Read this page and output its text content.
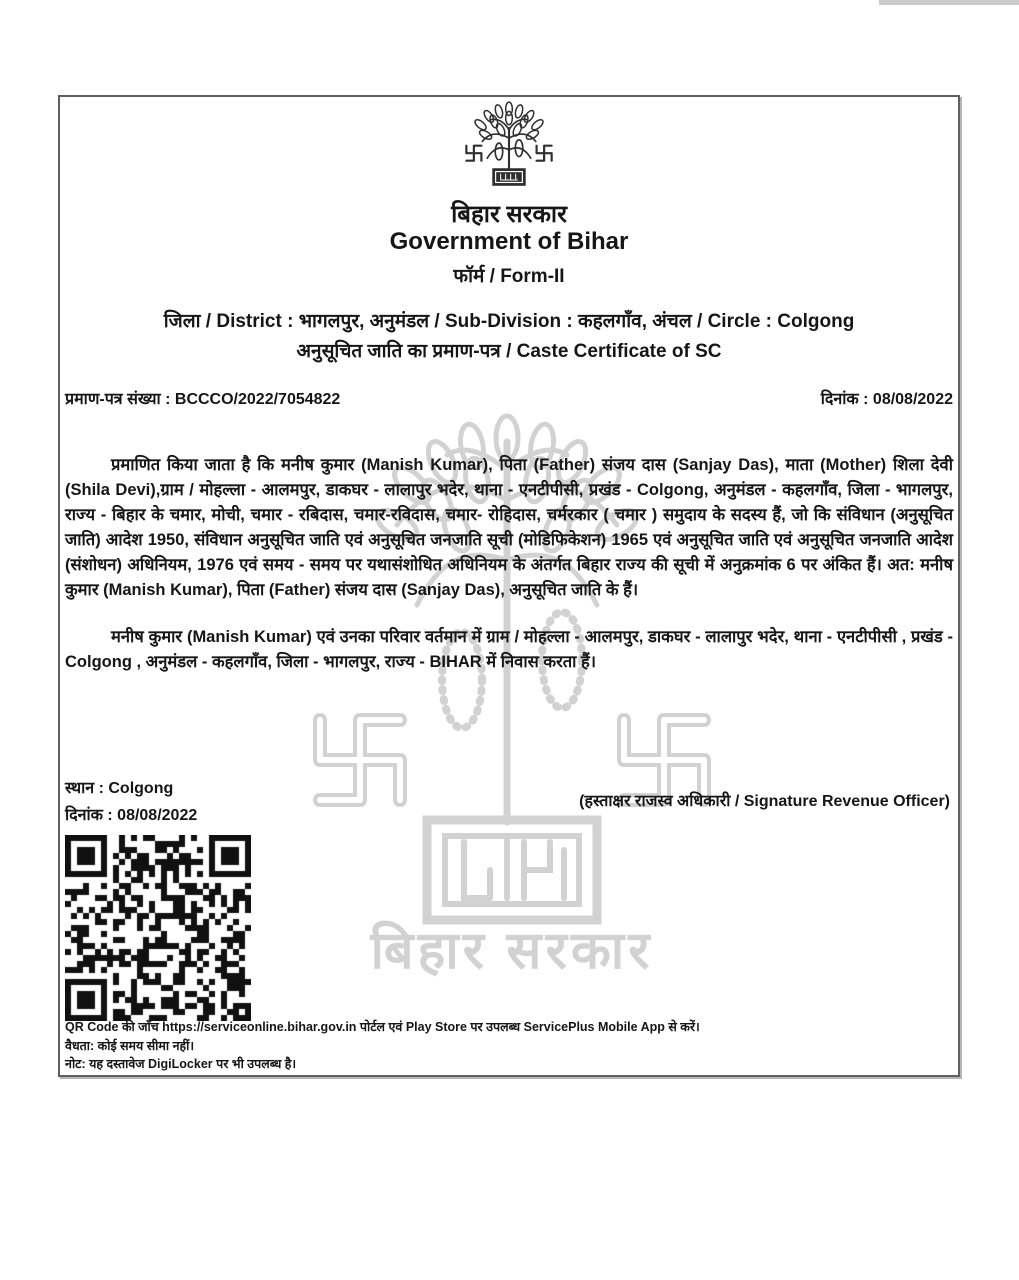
बिहार सरकार
बिहार सरकार
Government of Bihar
फॉर्म / Form-II
जिला / District : भागलपुर, अनुमंडल / Sub-Division : कहलगाँव, अंचल / Circle : Colgong
अनुसूचित जाति का प्रमाण-पत्र / Caste Certificate of SC
प्रमाण-पत्र संख्या : BCCCO/2022/7054822	दिनांक : 08/08/2022

प्रमाणित किया जाता है कि मनीष कुमार (Manish Kumar), पिता (Father) संजय दास (Sanjay Das), माता (Mother) शिला देवी (Shila Devi),ग्राम / मोहल्ला - आलमपुर, डाकघर - लालापुर भदेर, थाना - एनटीपीसी, प्रखंड - Colgong, अनुमंडल - कहलगाँव, जिला - भागलपुर, राज्य - बिहार के चमार, मोची, चमार - रबिदास, चमार-रविदास, चमार- रोहिदास, चर्मरकार ( चमार ) समुदाय के सदस्य हैं, जो कि संविधान (अनुसूचित जाति) आदेश 1950, संविधान अनुसूचित जाति एवं अनुसूचित जनजाति सूची (मोडिफिकेशन) 1965 एवं अनुसूचित जाति एवं अनुसूचित जनजाति आदेश (संशोधन) अधिनियम, 1976 एवं समय - समय पर यथासंशोधित अधिनियम के अंतर्गत बिहार राज्य की सूची में अनुक्रमांक 6 पर अंकित हैं। अत: मनीष कुमार (Manish Kumar), पिता (Father) संजय दास (Sanjay Das), अनुसूचित जाति के हैं।

मनीष कुमार (Manish Kumar) एवं उनका परिवार वर्तमान में ग्राम / मोहल्ला - आलमपुर, डाकघर - लालापुर भदेर, थाना - एनटीपीसी , प्रखंड - Colgong , अनुमंडल - कहलगाँव, जिला - भागलपुर, राज्य - BIHAR में निवास करता हैं।

स्थान : Colgong
दिनांक : 08/08/2022
(हस्ताक्षर राजस्व अधिकारी / Signature Revenue Officer)
QR Code की जाँच https://serviceonline.bihar.gov.in पोर्टल एवं Play Store पर उपलब्ध ServicePlus Mobile App से करें।
वैधता: कोई समय सीमा नहीं।
नोट: यह दस्तावेज DigiLocker पर भी उपलब्ध है।
